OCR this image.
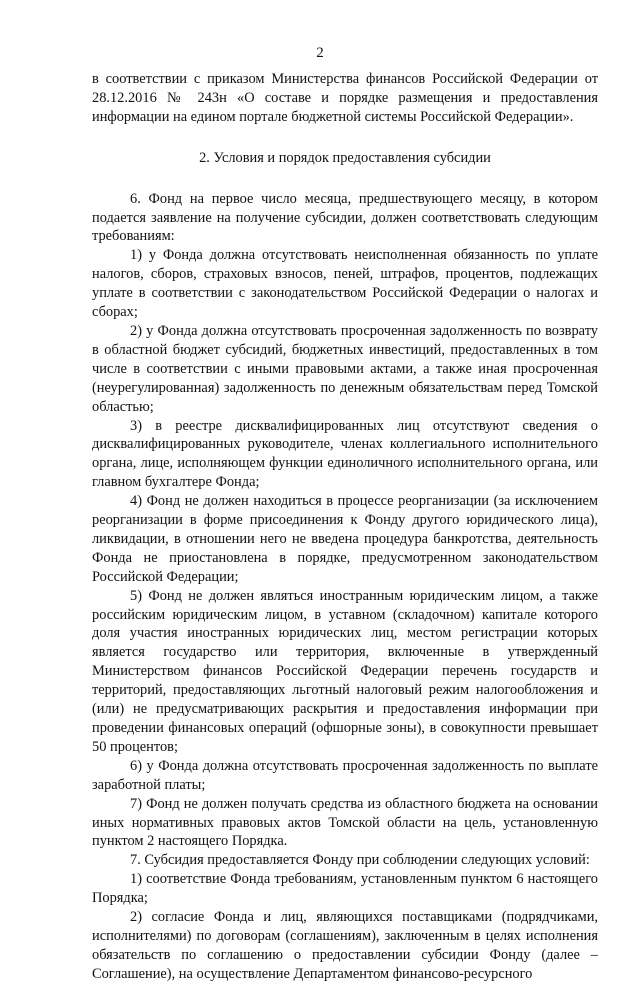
2

в соответствии с приказом Министерства финансов Российской Федерации от 28.12.2016 № 243н «О составе и порядке размещения и предоставления информации на едином портале бюджетной системы Российской Федерации».

2. Условия и порядок предоставления субсидии

6. Фонд на первое число месяца, предшествующего месяцу, в котором подается заявление на получение субсидии, должен соответствовать следующим требованиям:

1) у Фонда должна отсутствовать неисполненная обязанность по уплате налогов, сборов, страховых взносов, пеней, штрафов, процентов, подлежащих уплате в соответствии с законодательством Российской Федерации о налогах и сборах;

2) у Фонда должна отсутствовать просроченная задолженность по возврату в областной бюджет субсидий, бюджетных инвестиций, предоставленных в том числе в соответствии с иными правовыми актами, а также иная просроченная (неурегулированная) задолженность по денежным обязательствам перед Томской областью;

3) в реестре дисквалифицированных лиц отсутствуют сведения о дисквалифицированных руководителе, членах коллегиального исполнительного органа, лице, исполняющем функции единоличного исполнительного органа, или главном бухгалтере Фонда;

4) Фонд не должен находиться в процессе реорганизации (за исключением реорганизации в форме присоединения к Фонду другого юридического лица), ликвидации, в отношении него не введена процедура банкротства, деятельность Фонда не приостановлена в порядке, предусмотренном законодательством Российской Федерации;

5) Фонд не должен являться иностранным юридическим лицом, а также российским юридическим лицом, в уставном (складочном) капитале которого доля участия иностранных юридических лиц, местом регистрации которых является государство или территория, включенные в утвержденный Министерством финансов Российской Федерации перечень государств и территорий, предоставляющих льготный налоговый режим налогообложения и (или) не предусматривающих раскрытия и предоставления информации при проведении финансовых операций (офшорные зоны), в совокупности превышает 50 процентов;

6) у Фонда должна отсутствовать просроченная задолженность по выплате заработной платы;

7) Фонд не должен получать средства из областного бюджета на основании иных нормативных правовых актов Томской области на цель, установленную пунктом 2 настоящего Порядка.

7. Субсидия предоставляется Фонду при соблюдении следующих условий:

1) соответствие Фонда требованиям, установленным пунктом 6 настоящего Порядка;

2) согласие Фонда и лиц, являющихся поставщиками (подрядчиками, исполнителями) по договорам (соглашениям), заключенным в целях исполнения обязательств по соглашению о предоставлении субсидии Фонду (далее – Соглашение), на осуществление Департаментом финансово-ресурсного
